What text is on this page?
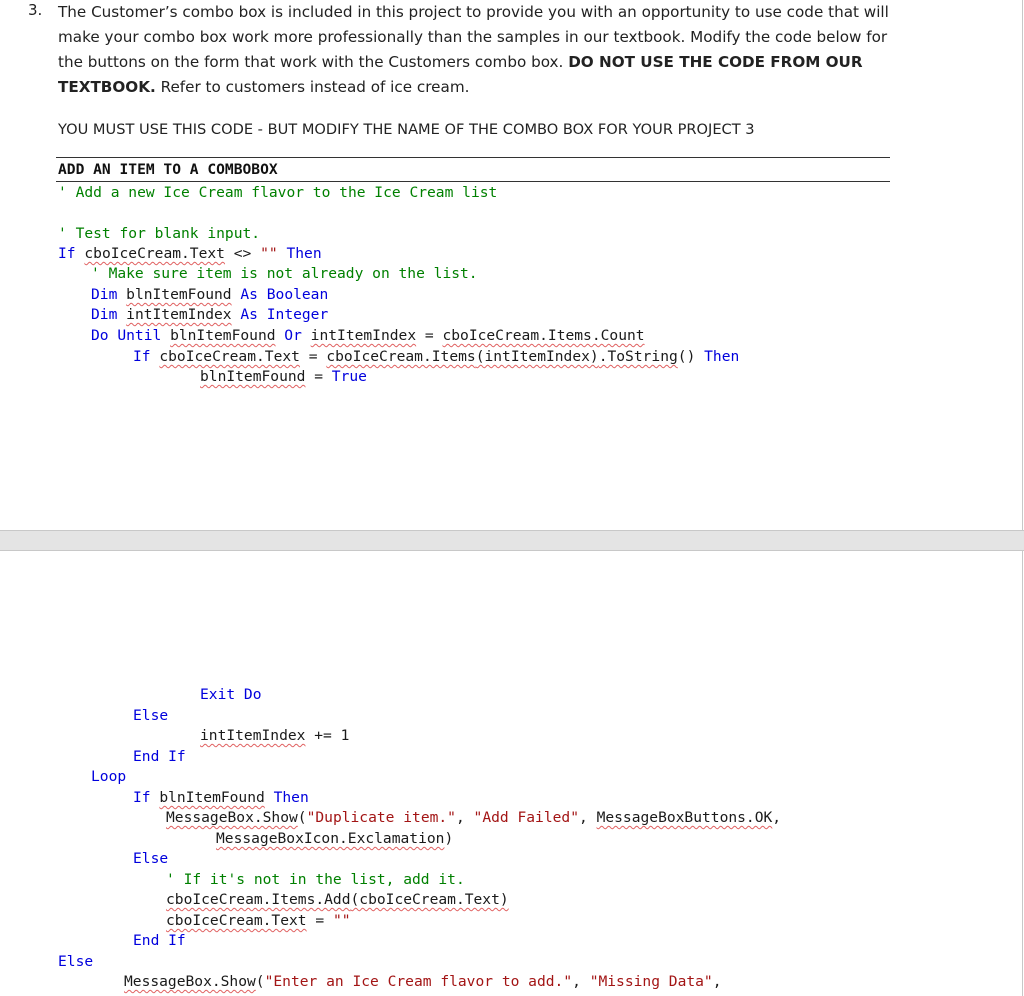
3. The Customer’s combo box is included in this project to provide you with an opportunity to use code that will make your combo box work more professionally than the samples in our textbook. Modify the code below for the buttons on the form that work with the Customers combo box. DO NOT USE THE CODE FROM OUR TEXTBOOK. Refer to customers instead of ice cream.
YOU MUST USE THIS CODE - BUT MODIFY THE NAME OF THE COMBO BOX FOR YOUR PROJECT 3
ADD AN ITEM TO A COMBOBOX
' Add a new Ice Cream flavor to the Ice Cream list
' Test for blank input.
If cboIceCream.Text <> "" Then
' Make sure item is not already on the list.
Dim blnItemFound As Boolean
Dim intItemIndex As Integer
Do Until blnItemFound Or intItemIndex = cboIceCream.Items.Count
If cboIceCream.Text = cboIceCream.Items(intItemIndex).ToString() Then
blnItemFound = True
Exit Do
Else
intItemIndex += 1
End If
Loop
If blnItemFound Then
MessageBox.Show("Duplicate item.", "Add Failed", MessageBoxButtons.OK,
MessageBoxIcon.Exclamation)
Else
' If it's not in the list, add it.
cboIceCream.Items.Add(cboIceCream.Text)
cboIceCream.Text = ""
End If
Else
MessageBox.Show("Enter an Ice Cream flavor to add.", "Missing Data",
